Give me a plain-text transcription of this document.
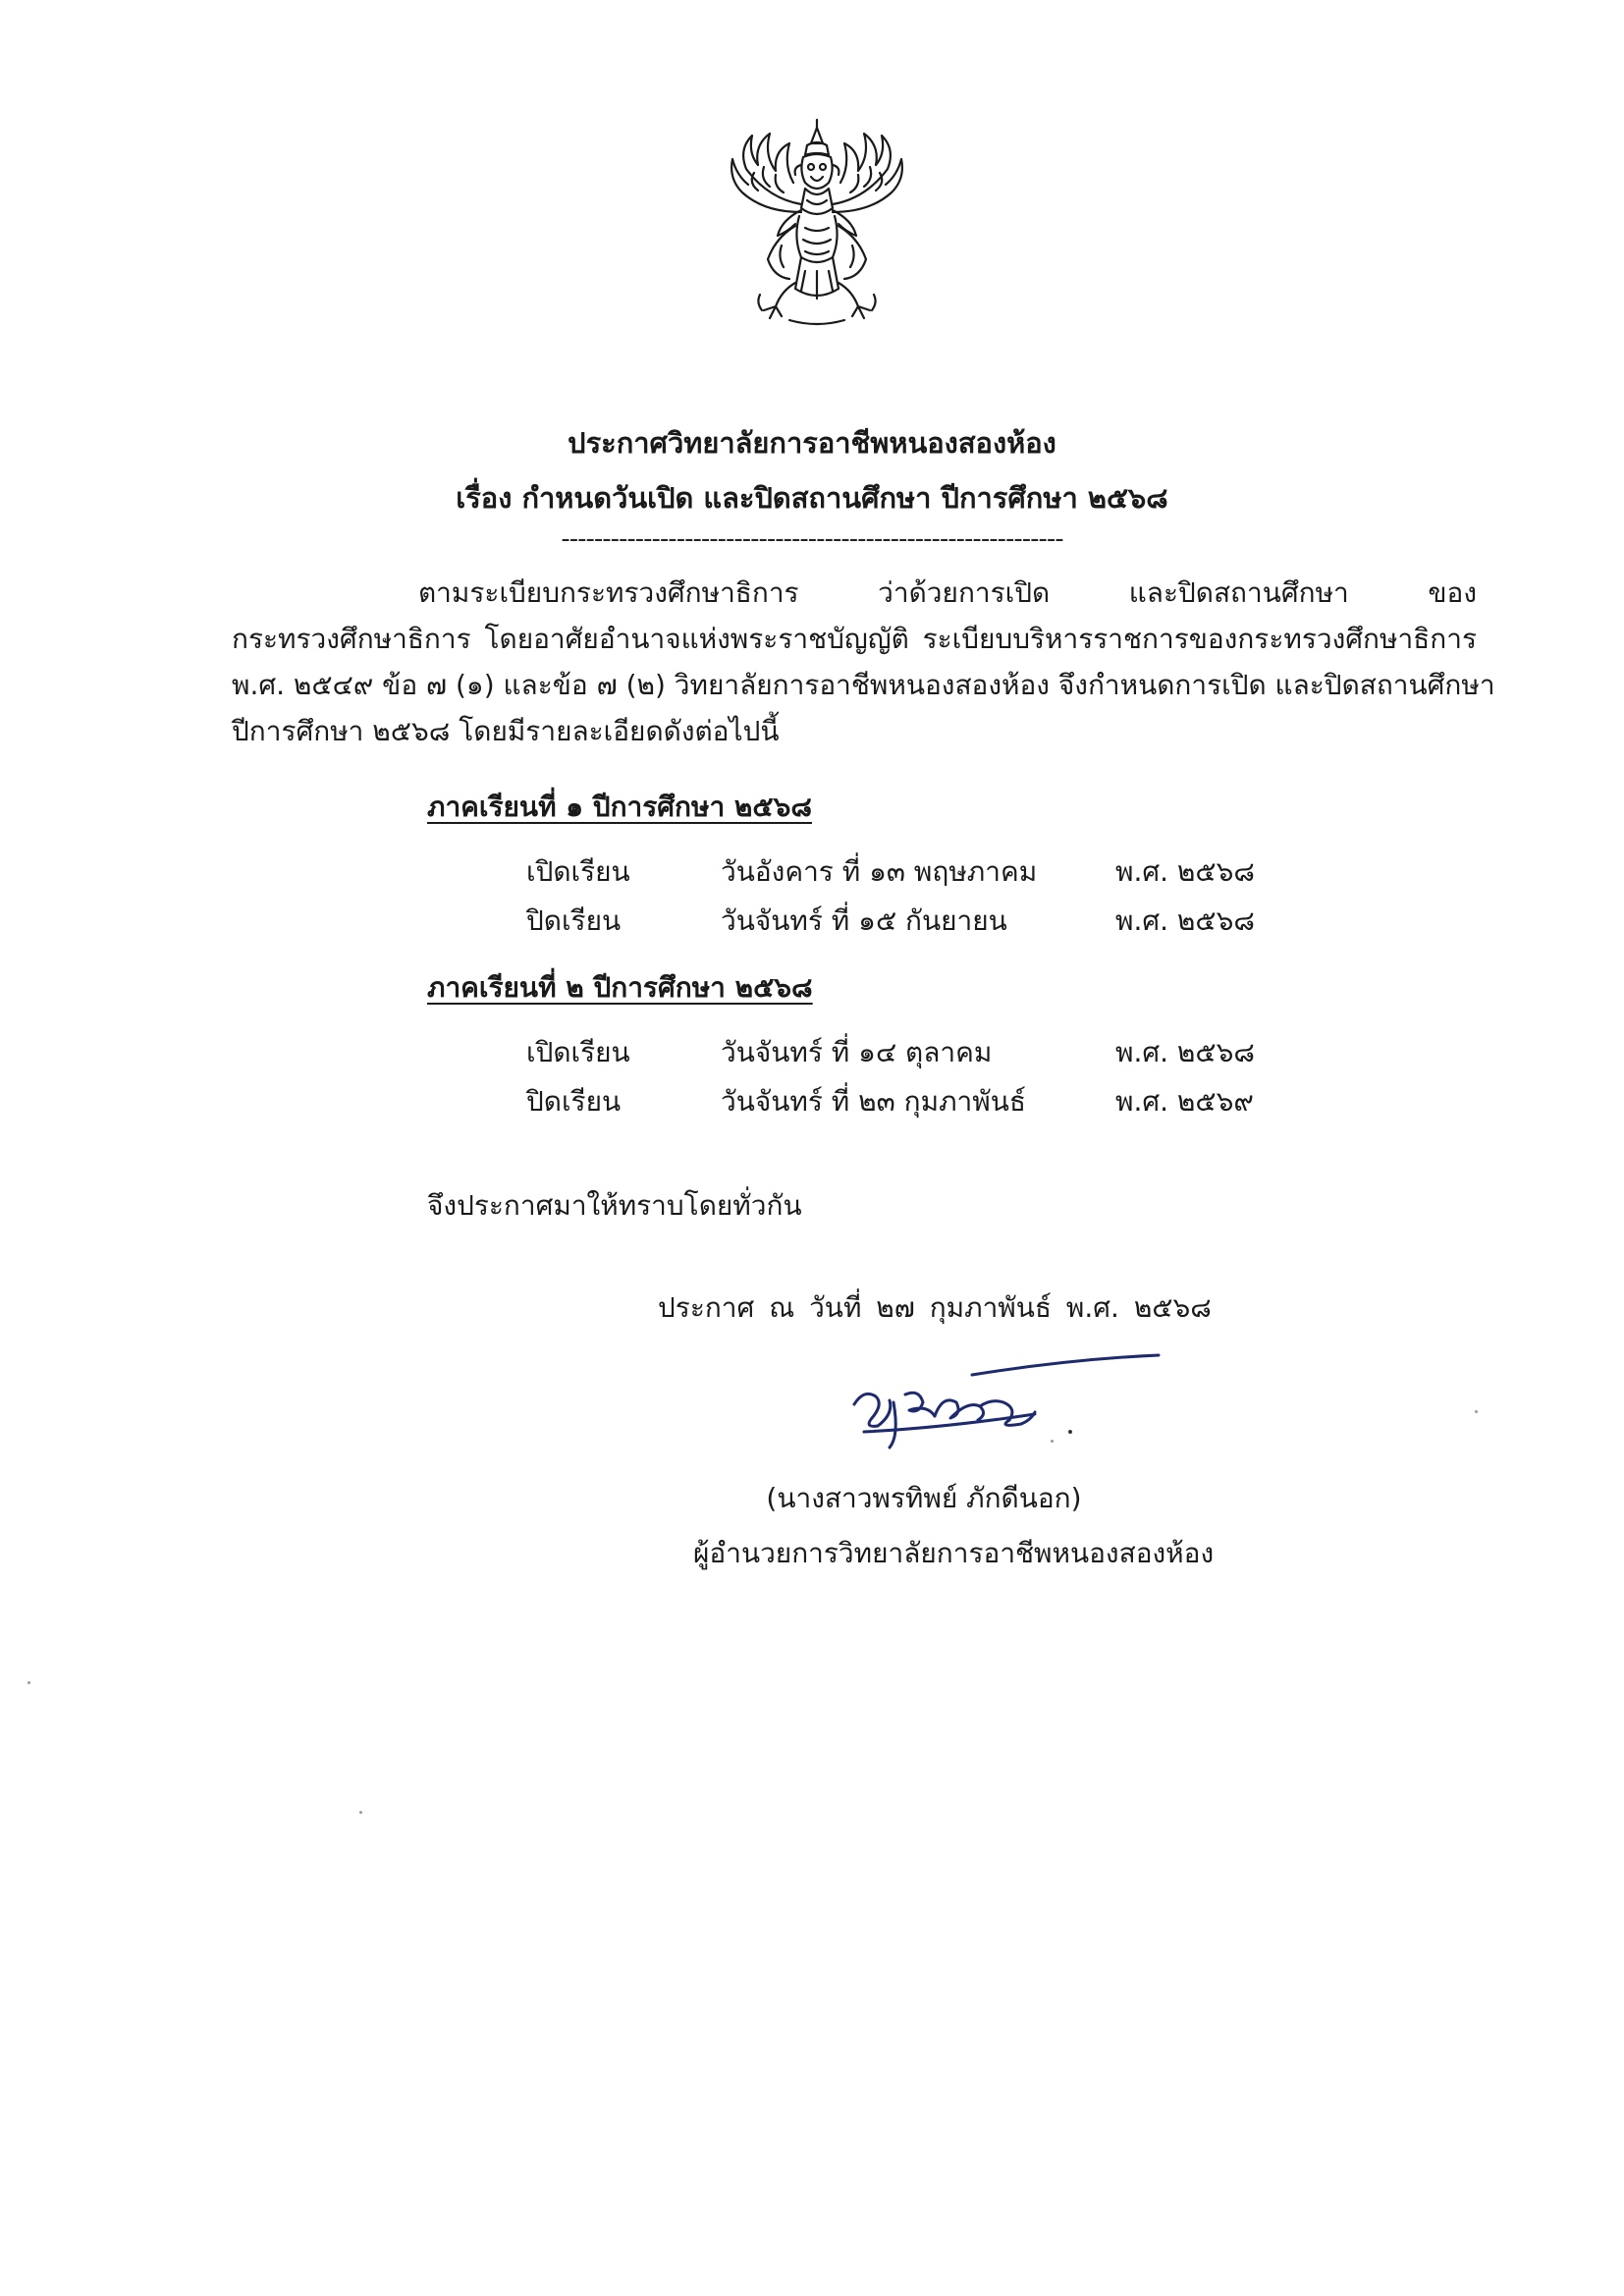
ประกาศวิทยาลัยการอาชีพหนองสองห้อง
เรื่อง กำหนดวันเปิด และปิดสถานศึกษา ปีการศึกษา ๒๕๖๘
-------------------------------------------------------------
ตามระเบียบกระทรวงศึกษาธิการ ว่าด้วยการเปิด และปิดสถานศึกษา ของ
กระทรวงศึกษาธิการ โดยอาศัยอำนาจแห่งพระราชบัญญัติ ระเบียบบริหารราชการของกระทรวงศึกษาธิการ
พ.ศ. ๒๕๔๙ ข้อ ๗ (๑) และข้อ ๗ (๒) วิทยาลัยการอาชีพหนองสองห้อง จึงกำหนดการเปิด และปิดสถานศึกษา
ปีการศึกษา ๒๕๖๘ โดยมีรายละเอียดดังต่อไปนี้
ภาคเรียนที่ ๑ ปีการศึกษา ๒๕๖๘
เปิดเรียน	วันอังคาร ที่ ๑๓ พฤษภาคม	พ.ศ. ๒๕๖๘
ปิดเรียน	วันจันทร์ ที่ ๑๕ กันยายน	พ.ศ. ๒๕๖๘
ภาคเรียนที่ ๒ ปีการศึกษา ๒๕๖๘
เปิดเรียน	วันจันทร์ ที่ ๑๔ ตุลาคม	พ.ศ. ๒๕๖๘
ปิดเรียน	วันจันทร์ ที่ ๒๓ กุมภาพันธ์	พ.ศ. ๒๕๖๙
จึงประกาศมาให้ทราบโดยทั่วกัน
ประกาศ ณ วันที่ ๒๗ กุมภาพันธ์ พ.ศ. ๒๕๖๘
(นางสาวพรทิพย์ ภักดีนอก)
ผู้อำนวยการวิทยาลัยการอาชีพหนองสองห้อง
